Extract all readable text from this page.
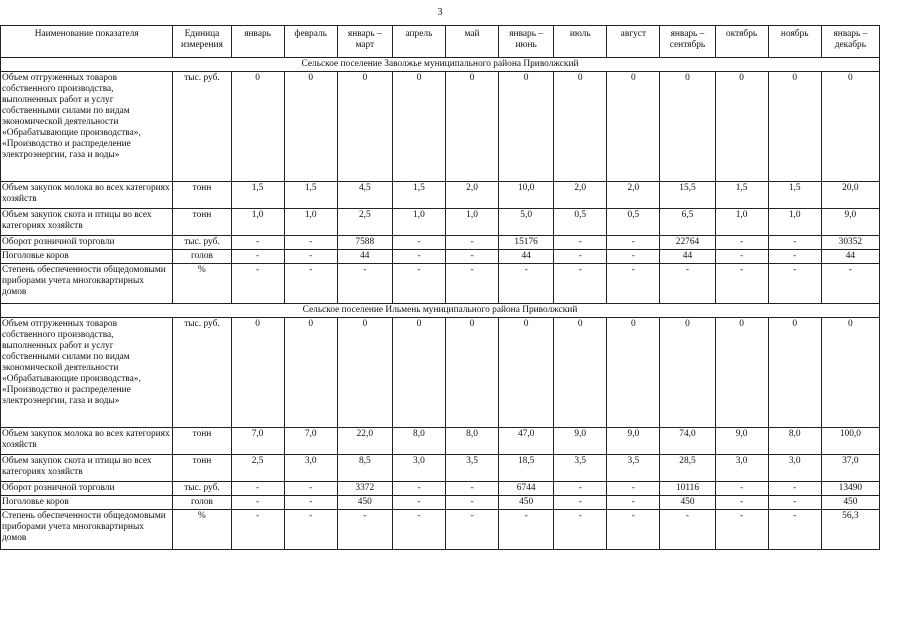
3
Наименование показателя	Единица измерения	январь	февраль	январь – март	апрель	май	январь – июнь	июль	август	январь – сентябрь	октябрь	ноябрь	январь – декабрь
Сельское поселение Заволжье муниципального района Приволжский													
Объем отгруженных товаров собственного производства, выполненных работ и услуг собственными силами по видам экономической деятельности «Обрабатывающие производства», «Производство и распределение электроэнергии, газа и воды»	тыс. руб.	0	0	0	0	0	0	0	0	0	0	0	0
Объем закупок молока во всех категориях хозяйств	тонн	1,5	1,5	4,5	1,5	2,0	10,0	2,0	2,0	15,5	1,5	1,5	20,0
Объем закупок скота и птицы во всех категориях хозяйств	тонн	1,0	1,0	2,5	1,0	1,0	5,0	0,5	0,5	6,5	1,0	1,0	9,0
Оборот розничной торговли	тыс. руб.	-	-	7588	-	-	15176	-	-	22764	-	-	30352
Поголовье коров	голов	-	-	44	-	-	44	-	-	44	-	-	44
Степень обеспеченности общедомовыми приборами учета многоквартирных домов	%	-	-	-	-	-	-	-	-	-	-	-	-
Сельское поселение Ильмень муниципального района Приволжский													
Объем отгруженных товаров собственного производства, выполненных работ и услуг собственными силами по видам экономической деятельности «Обрабатывающие производства», «Производство и распределение электроэнергии, газа и воды»	тыс. руб.	0	0	0	0	0	0	0	0	0	0	0	0
Объем закупок молока во всех категориях хозяйств	тонн	7,0	7,0	22,0	8,0	8,0	47,0	9,0	9,0	74,0	9,0	8,0	100,0
Объем закупок скота и птицы во всех категориях хозяйств	тонн	2,5	3,0	8,5	3,0	3,5	18,5	3,5	3,5	28,5	3,0	3,0	37,0
Оборот розничной торговли	тыс. руб.	-	-	3372	-	-	6744	-	-	10116	-	-	13490
Поголовье коров	голов	-	-	450	-	-	450	-	-	450	-	-	450
Степень обеспеченности общедомовыми приборами учета многоквартирных домов	%	-	-	-	-	-	-	-	-	-	-	-	56,3
